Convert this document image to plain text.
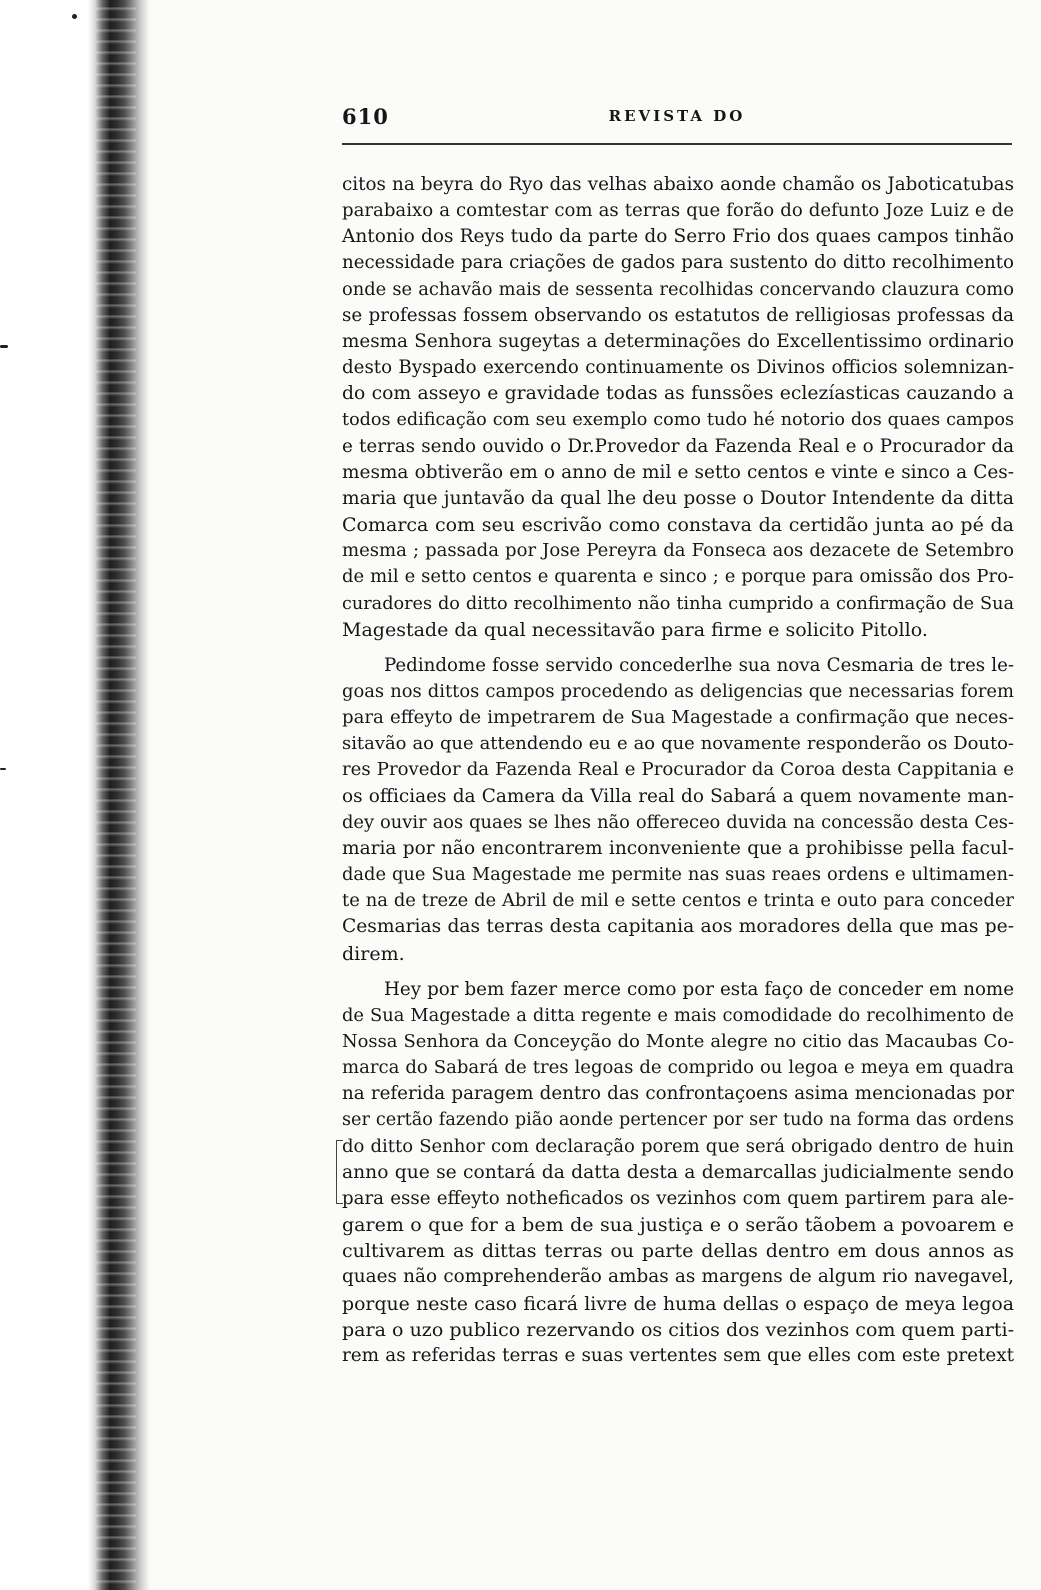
610	REVISTA DO

citos na beyra do Ryo das velhas abaixo aonde chamão os Jaboticatubas
parabaixo a comtestar com as terras que forão do defunto Joze Luiz e de
Antonio dos Reys tudo da parte do Serro Frio dos quaes campos tinhão
necessidade para criações de gados para sustento do ditto recolhimento
onde se achavão mais de sessenta recolhidas concervando clauzura como
se professas fossem observando os estatutos de relligiosas professas da
mesma Senhora sugeytas a determinações do Excellentissimo ordinario
desto Byspado exercendo continuamente os Divinos officios solemnizan-
do com asseyo e gravidade todas as funssões eclezíasticas cauzando a
todos edificação com seu exemplo como tudo hé notorio dos quaes campos
e terras sendo ouvido o Dr.Provedor da Fazenda Real e o Procurador da
mesma obtiverão em o anno de mil e setto centos e vinte e sinco a Ces-
maria que juntavão da qual lhe deu posse o Doutor Intendente da ditta
Comarca com seu escrivão como constava da certidão junta ao pé da
mesma ; passada por Jose Pereyra da Fonseca aos dezacete de Setembro
de mil e setto centos e quarenta e sinco ; e porque para omissão dos Pro-
curadores do ditto recolhimento não tinha cumprido a confirmação de Sua
Magestade da qual necessitavão para firme e solicito Pitollo.

Pedindome fosse servido concederlhe sua nova Cesmaria de tres le-
goas nos dittos campos procedendo as deligencias que necessarias forem
para effeyto de impetrarem de Sua Magestade a confirmação que neces-
sitavão ao que attendendo eu e ao que novamente responderão os Douto-
res Provedor da Fazenda Real e Procurador da Coroa desta Cappitania e
os officiaes da Camera da Villa real do Sabará a quem novamente man-
dey ouvir aos quaes se lhes não offereceo duvida na concessão desta Ces-
maria por não encontrarem inconveniente que a prohibisse pella facul-
dade que Sua Magestade me permite nas suas reaes ordens e ultimamen-
te na de treze de Abril de mil e sette centos e trinta e outo para conceder
Cesmarias das terras desta capitania aos moradores della que mas pe-
direm.

Hey por bem fazer merce como por esta faço de conceder em nome
de Sua Magestade a ditta regente e mais comodidade do recolhimento de
Nossa Senhora da Conceyção do Monte alegre no citio das Macaubas Co-
marca do Sabará de tres legoas de comprido ou legoa e meya em quadra
na referida paragem dentro das confrontaçoens asima mencionadas por
ser certão fazendo pião aonde pertencer por ser tudo na forma das ordens
do ditto Senhor com declaração porem que será obrigado dentro de huin
anno que se contará da datta desta a demarcallas judicialmente sendo
para esse effeyto notheficados os vezinhos com quem partirem para ale-
garem o que for a bem de sua justiça e o serão tãobem a povoarem e
cultivarem as dittas terras ou parte dellas dentro em dous annos as
quaes não comprehenderão ambas as margens de algum rio navegavel,
porque neste caso ficará livre de huma dellas o espaço de meya legoa
para o uzo publico rezervando os citios dos vezinhos com quem parti-
rem as referidas terras e suas vertentes sem que elles com este pretext
